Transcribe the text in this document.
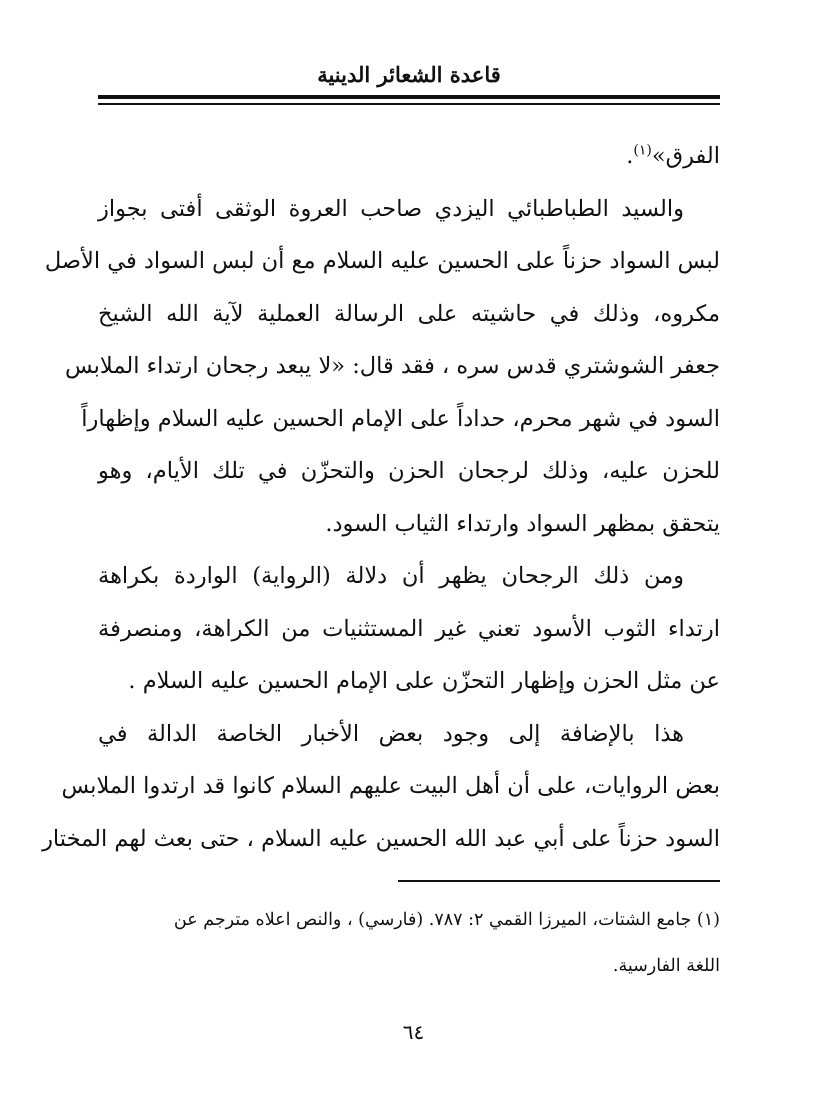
قاعدة الشعائر الدينية

الفرق»$^{(١)}$.

والسيد الطباطبائي اليزدي صاحب العروة الوثقى أفتى بجواز

لبس السواد حزناً على الحسين عليه السلام مع أن لبس السواد في الأصل

مكروه، وذلك في حاشيته على الرسالة العملية لآية الله الشيخ

جعفر الشوشتري قدس سره ، فقد قال: «لا يبعد رجحان ارتداء الملابس

السود في شهر محرم، حداداً على الإمام الحسين عليه السلام وإظهاراً

للحزن عليه، وذلك لرجحان الحزن والتحزّن في تلك الأيام، وهو

يتحقق بمظهر السواد وارتداء الثياب السود.

ومن ذلك الرجحان يظهر أن دلالة (الرواية) الواردة بكراهة

ارتداء الثوب الأسود تعني غير المستثنيات من الكراهة، ومنصرفة

عن مثل الحزن وإظهار التحزّن على الإمام الحسين عليه السلام .

هذا بالإضافة إلى وجود بعض الأخبار الخاصة الدالة في

بعض الروايات، على أن أهل البيت عليهم السلام كانوا قد ارتدوا الملابس

السود حزناً على أبي عبد الله الحسين عليه السلام ، حتى بعث لهم المختار

(١) جامع الشتات، الميرزا القمي ٢: ٧٨٧. (فارسي) ، والنص اعلاه مترجم عن

اللغة الفارسية.

٦٤
